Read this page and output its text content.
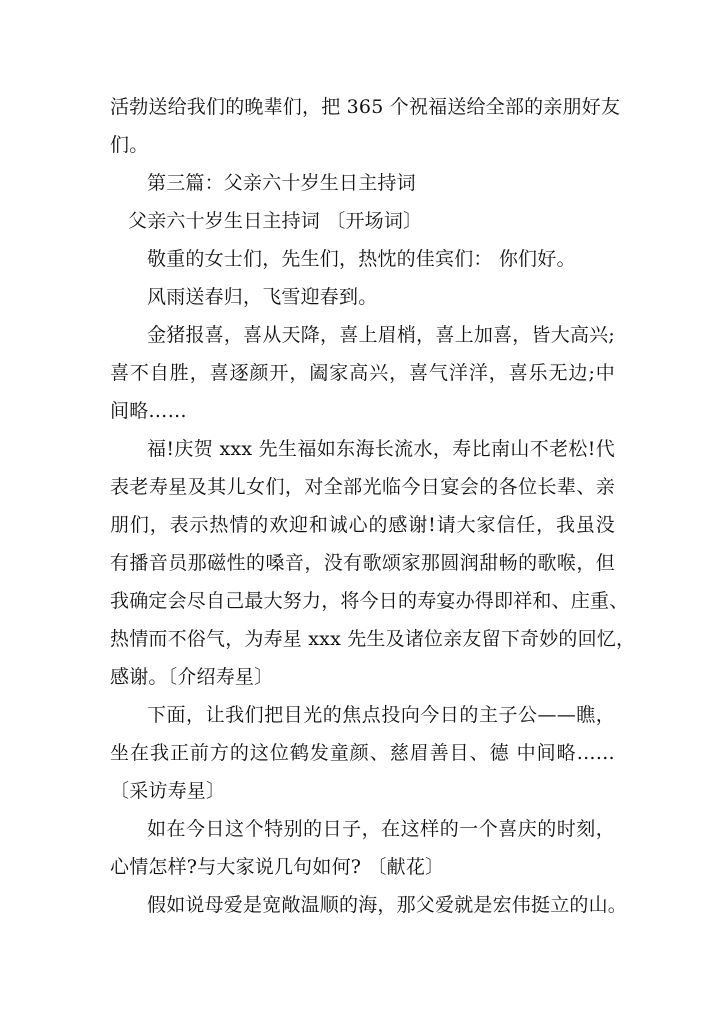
活勃送给我们的晚辈们，把 365 个祝福送给全部的亲朋好友
们。
第三篇：父亲六十岁生日主持词
父亲六十岁生日主持词 〔开场词〕
敬重的女士们，先生们，热忱的佳宾们： 你们好。
风雨送春归，飞雪迎春到。
金猪报喜，喜从天降，喜上眉梢，喜上加喜，皆大高兴;
喜不自胜，喜逐颜开，阖家高兴，喜气洋洋，喜乐无边;中
间略……
福!庆贺 xxx 先生福如东海长流水，寿比南山不老松!代
表老寿星及其儿女们，对全部光临今日宴会的各位长辈、亲
朋们，表示热情的欢迎和诚心的感谢!请大家信任，我虽没
有播音员那磁性的嗓音，没有歌颂家那圆润甜畅的歌喉，但
我确定会尽自己最大努力，将今日的寿宴办得即祥和、庄重、
热情而不俗气，为寿星 xxx 先生及诸位亲友留下奇妙的回忆，
感谢。〔介绍寿星〕
下面，让我们把目光的焦点投向今日的主子公——瞧，
坐在我正前方的这位鹤发童颜、慈眉善目、德 中间略……
〔采访寿星〕
如在今日这个特别的日子，在这样的一个喜庆的时刻，
心情怎样?与大家说几句如何? 〔献花〕
假如说母爱是宽敞温顺的海，那父爱就是宏伟挺立的山。
